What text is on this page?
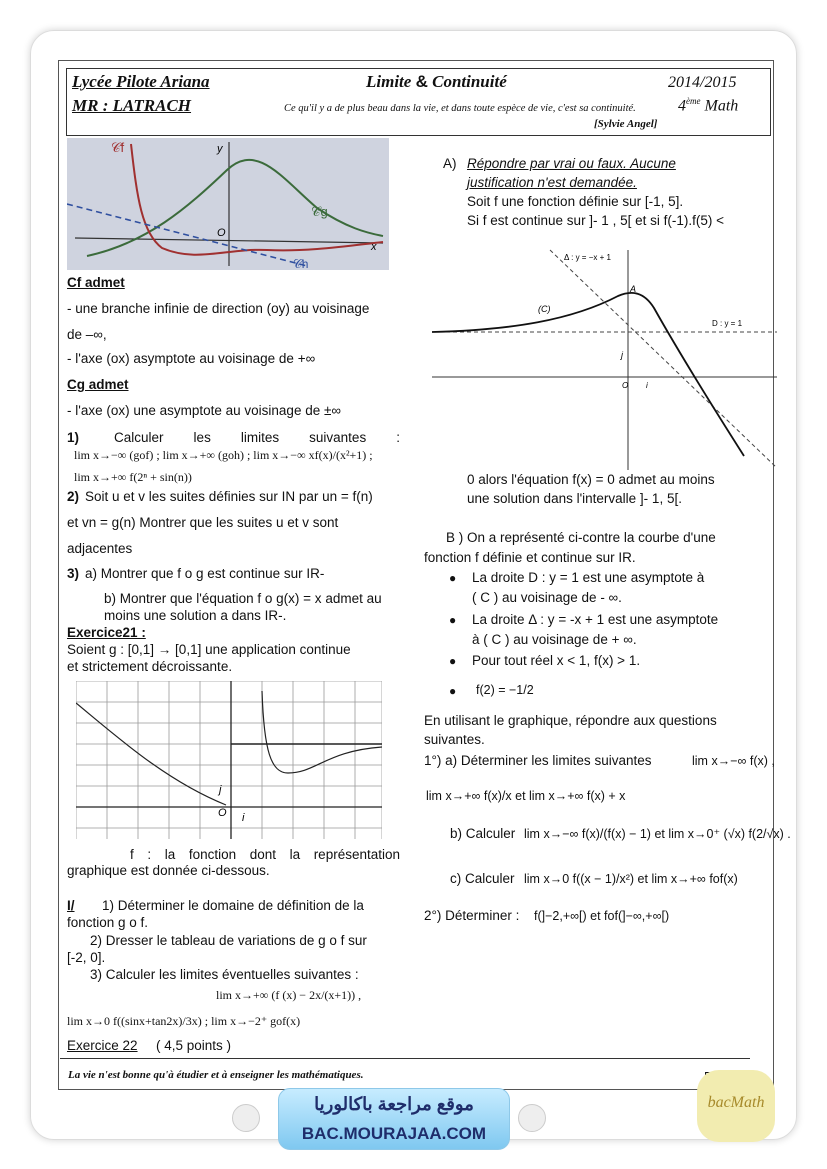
Lycée Pilote Ariana
MR : LATRACH
Limite & Continuité	2014/2015
Ce qu'il y a de plus beau dans la vie, et dans toute espèce de vie, c'est sa continuité.	4ème Math
[Sylvie Angel]
𝒞f
𝒞g
𝒞h
x
y
O
Cf admet
- une branche infinie de direction (oy) au voisinage
de –∞,
- l'axe (ox) asymptote au voisinage de +∞
Cg admet
- l'axe (ox) une asymptote au voisinage de ±∞
1)	Calculer les limites suivantes :
lim x→−∞ (gof) ; lim x→+∞ (goh) ; lim x→−∞ xf(x)/(x²+1) ;
lim x→+∞ f(2ⁿ + sin(n))
2) Soit u et v les suites définies sur IN par un = f(n)
et vn = g(n) Montrer que les suites u et v sont
adjacentes
3) a) Montrer que f o g est continue sur IR-
b) Montrer que l'équation f o g(x) = x admet au
moins une solution a dans IR-.
Exercice21 :
Soient g : [0,1] → [0,1] une application continue
et strictement décroissante.
j
O i
f : la fonction dont la représentation
graphique est donnée ci-dessous.
I/ 1) Déterminer le domaine de définition de la
fonction g o f.
2) Dresser le tableau de variations de g o f sur
[-2, 0].
3) Calculer les limites éventuelles suivantes :
lim x→+∞ (f (x) − 2x/(x+1)) ,
lim x→0 f((sinx+tan2x)/3x) ; lim x→−2⁺ gof(x)
Exercice 22 ( 4,5 points )
A) Répondre par vrai ou faux. Aucune
justification n'est demandée.
Soit f une fonction définie sur [-1, 5].
Si f est continue sur ]- 1 , 5[ et si f(-1).f(5) <
Δ : y = −x + 1
(C)
D : y = 1
A
j
O i
0 alors l'équation f(x) = 0 admet au moins
une solution dans l'intervalle ]- 1, 5[.
B ) On a représenté ci-contre la courbe d'une
fonction f définie et continue sur IR.
● La droite D : y = 1 est une asymptote à
( C ) au voisinage de - ∞.
● La droite Δ : y = -x + 1 est une asymptote
à ( C ) au voisinage de + ∞.
● Pour tout réel x < 1, f(x) > 1.
● f(2) = −1/2
En utilisant le graphique, répondre aux questions
suivantes.
1°) a) Déterminer les limites suivantes	lim x→−∞ f(x) ,
lim x→+∞ f(x)/x et lim x→+∞ f(x) + x
b) Calculer lim x→−∞ f(x)/(f(x) − 1) et lim x→0⁺ (√x) f(2/√x) .
c) Calculer lim x→0 f((x − 1)/x²) et lim x→+∞ fof(x)
2°) Déterminer : f(]−2,+∞[) et fof(]−∞,+∞[)
La vie n'est bonne qu'à étudier et à enseigner les mathématiques.
موقع مراجعة باكالوريا
BAC.MOURAJAA.COM
bacMath
